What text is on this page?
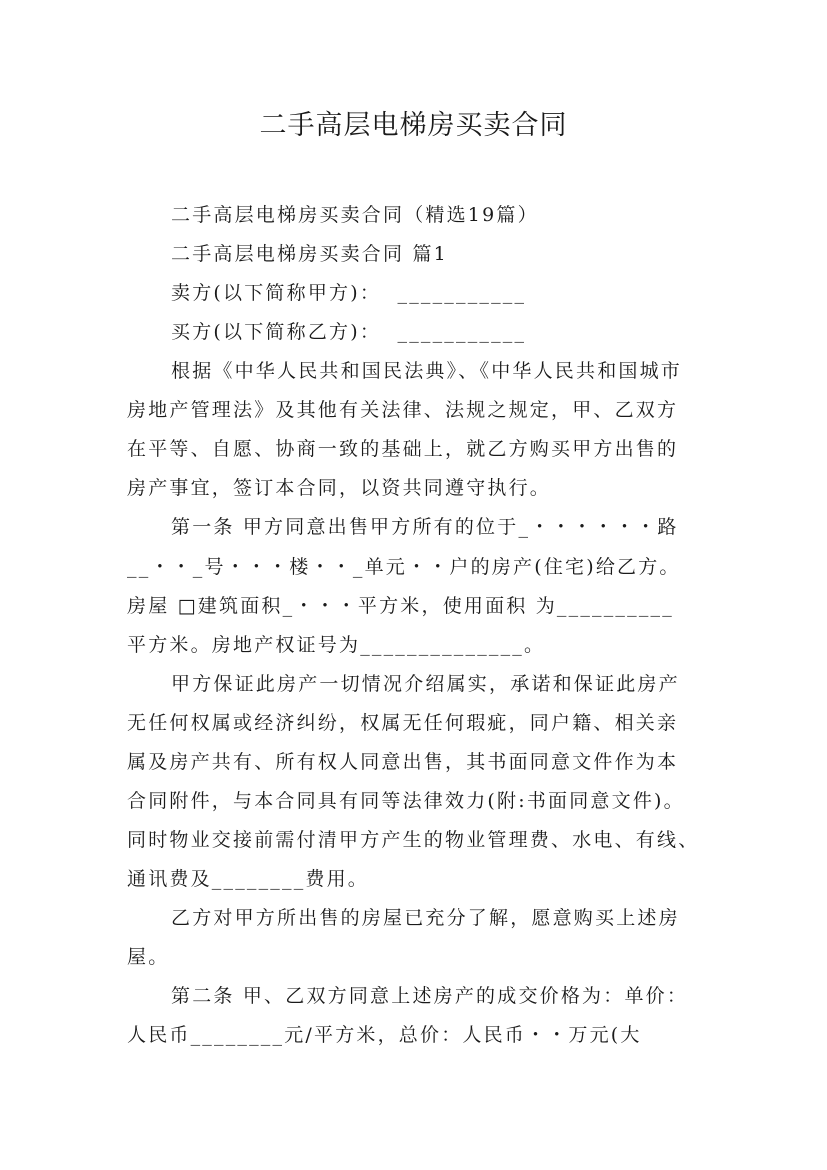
二手高层电梯房买卖合同
二手高层电梯房买卖合同（精选19篇）
二手高层电梯房买卖合同 篇1
卖方(以下简称甲方)：  ___________
买方(以下简称乙方)：  ___________
根据《中华人民共和国民法典》、《中华人民共和国城市
房地产管理法》及其他有关法律、法规之规定，甲、乙双方
在平等、自愿、协商一致的基础上，就乙方购买甲方出售的
房产事宜，签订本合同，以资共同遵守执行。
第一条 甲方同意出售甲方所有的位于_・・・・・・路
__・・_号・・・楼・・_单元・・户的房产(住宅)给乙方。
房屋 □建筑面积_・・・平方米，使用面积 为__________
平方米。房地产权证号为______________。
甲方保证此房产一切情况介绍属实，承诺和保证此房产
无任何权属或经济纠纷，权属无任何瑕疵，同户籍、相关亲
属及房产共有、所有权人同意出售，其书面同意文件作为本
合同附件，与本合同具有同等法律效力(附:书面同意文件)。
同时物业交接前需付清甲方产生的物业管理费、水电、有线、
通讯费及________费用。
乙方对甲方所出售的房屋已充分了解，愿意购买上述房
屋。
第二条 甲、乙双方同意上述房产的成交价格为：单价：
人民币________元/平方米，总价：人民币・・万元(大
